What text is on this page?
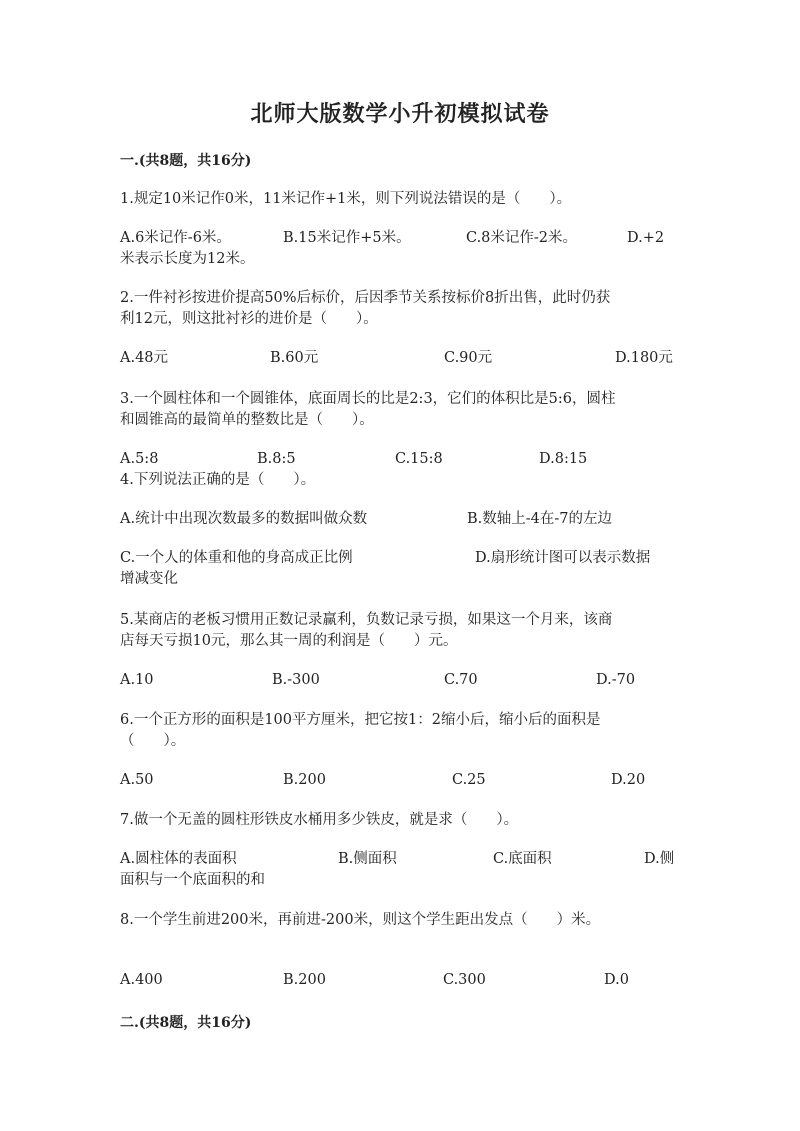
北师大版数学小升初模拟试卷
一.(共8题，共16分)
1.规定10米记作0米，11米记作+1米，则下列说法错误的是（　　）。
A.6米记作-6米。	B.15米记作+5米。	C.8米记作-2米。	D.+2
米表示长度为12米。
2.一件衬衫按进价提高50%后标价，后因季节关系按标价8折出售，此时仍获
利12元，则这批衬衫的进价是（　　）。
A.48元	B.60元	C.90元	D.180元
3.一个圆柱体和一个圆锥体，底面周长的比是2:3，它们的体积比是5:6，圆柱
和圆锥高的最简单的整数比是（　　）。
A.5:8	B.8:5	C.15:8	D.8:15
4.下列说法正确的是（　　）。
A.统计中出现次数最多的数据叫做众数	B.数轴上-4在-7的左边
C.一个人的体重和他的身高成正比例	D.扇形统计图可以表示数据
增减变化
5.某商店的老板习惯用正数记录赢利，负数记录亏损，如果这一个月来，该商
店每天亏损10元，那么其一周的利润是（　　）元。
A.10	B.-300	C.70	D.-70
6.一个正方形的面积是100平方厘米，把它按1：2缩小后，缩小后的面积是
（　　）。
A.50	B.200	C.25	D.20
7.做一个无盖的圆柱形铁皮水桶用多少铁皮，就是求（　　）。
A.圆柱体的表面积	B.侧面积	C.底面积	D.侧
面积与一个底面积的和
8.一个学生前进200米，再前进-200米，则这个学生距出发点（　　）米。
A.400	B.200	C.300	D.0
二.(共8题，共16分)
